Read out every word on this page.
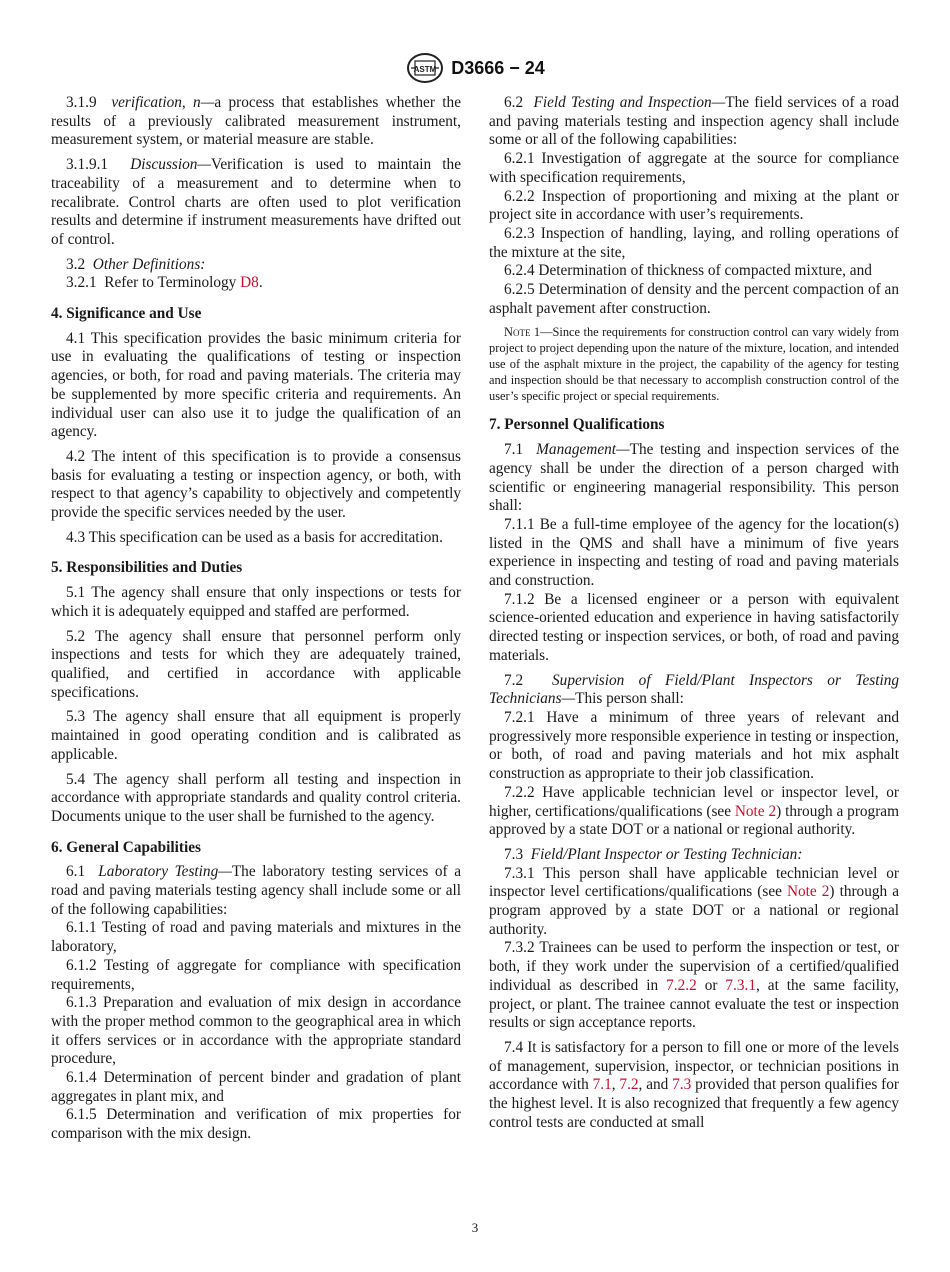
ASTM D3666 − 24

3.1.9 verification, n—a process that establishes whether the results of a previously calibrated measurement instrument, measurement system, or material measure are stable.

3.1.9.1 Discussion—Verification is used to maintain the traceability of a measurement and to determine when to recalibrate. Control charts are often used to plot verification results and determine if instrument measurements have drifted out of control.

3.2 Other Definitions:

3.2.1 Refer to Terminology D8.

4. Significance and Use

4.1 This specification provides the basic minimum criteria for use in evaluating the qualifications of testing or inspection agencies, or both, for road and paving materials. The criteria may be supplemented by more specific criteria and requirements. An individual user can also use it to judge the qualification of an agency.

4.2 The intent of this specification is to provide a consensus basis for evaluating a testing or inspection agency, or both, with respect to that agency’s capability to objectively and competently provide the specific services needed by the user.

4.3 This specification can be used as a basis for accreditation.

5. Responsibilities and Duties

5.1 The agency shall ensure that only inspections or tests for which it is adequately equipped and staffed are performed.

5.2 The agency shall ensure that personnel perform only inspections and tests for which they are adequately trained, qualified, and certified in accordance with applicable specifications.

5.3 The agency shall ensure that all equipment is properly maintained in good operating condition and is calibrated as applicable.

5.4 The agency shall perform all testing and inspection in accordance with appropriate standards and quality control criteria. Documents unique to the user shall be furnished to the agency.

6. General Capabilities

6.1 Laboratory Testing—The laboratory testing services of a road and paving materials testing agency shall include some or all of the following capabilities:

6.1.1 Testing of road and paving materials and mixtures in the laboratory,

6.1.2 Testing of aggregate for compliance with specification requirements,

6.1.3 Preparation and evaluation of mix design in accordance with the proper method common to the geographical area in which it offers services or in accordance with the appropriate standard procedure,

6.1.4 Determination of percent binder and gradation of plant aggregates in plant mix, and

6.1.5 Determination and verification of mix properties for comparison with the mix design.

6.2 Field Testing and Inspection—The field services of a road and paving materials testing and inspection agency shall include some or all of the following capabilities:

6.2.1 Investigation of aggregate at the source for compliance with specification requirements,

6.2.2 Inspection of proportioning and mixing at the plant or project site in accordance with user’s requirements.

6.2.3 Inspection of handling, laying, and rolling operations of the mixture at the site,

6.2.4 Determination of thickness of compacted mixture, and

6.2.5 Determination of density and the percent compaction of an asphalt pavement after construction.

Note 1—Since the requirements for construction control can vary widely from project to project depending upon the nature of the mixture, location, and intended use of the asphalt mixture in the project, the capability of the agency for testing and inspection should be that necessary to accomplish construction control of the user’s specific project or special requirements.

7. Personnel Qualifications

7.1 Management—The testing and inspection services of the agency shall be under the direction of a person charged with scientific or engineering managerial responsibility. This person shall:

7.1.1 Be a full-time employee of the agency for the location(s) listed in the QMS and shall have a minimum of five years experience in inspecting and testing of road and paving materials and construction.

7.1.2 Be a licensed engineer or a person with equivalent science-oriented education and experience in having satisfactorily directed testing or inspection services, or both, of road and paving materials.

7.2 Supervision of Field/Plant Inspectors or Testing Technicians—This person shall:

7.2.1 Have a minimum of three years of relevant and progressively more responsible experience in testing or inspection, or both, of road and paving materials and hot mix asphalt construction as appropriate to their job classification.

7.2.2 Have applicable technician level or inspector level, or higher, certifications/qualifications (see Note 2) through a program approved by a state DOT or a national or regional authority.

7.3 Field/Plant Inspector or Testing Technician:

7.3.1 This person shall have applicable technician level or inspector level certifications/qualifications (see Note 2) through a program approved by a state DOT or a national or regional authority.

7.3.2 Trainees can be used to perform the inspection or test, or both, if they work under the supervision of a certified/qualified individual as described in 7.2.2 or 7.3.1, at the same facility, project, or plant. The trainee cannot evaluate the test or inspection results or sign acceptance reports.

7.4 It is satisfactory for a person to fill one or more of the levels of management, supervision, inspector, or technician positions in accordance with 7.1, 7.2, and 7.3 provided that person qualifies for the highest level. It is also recognized that frequently a few agency control tests are conducted at small

3
